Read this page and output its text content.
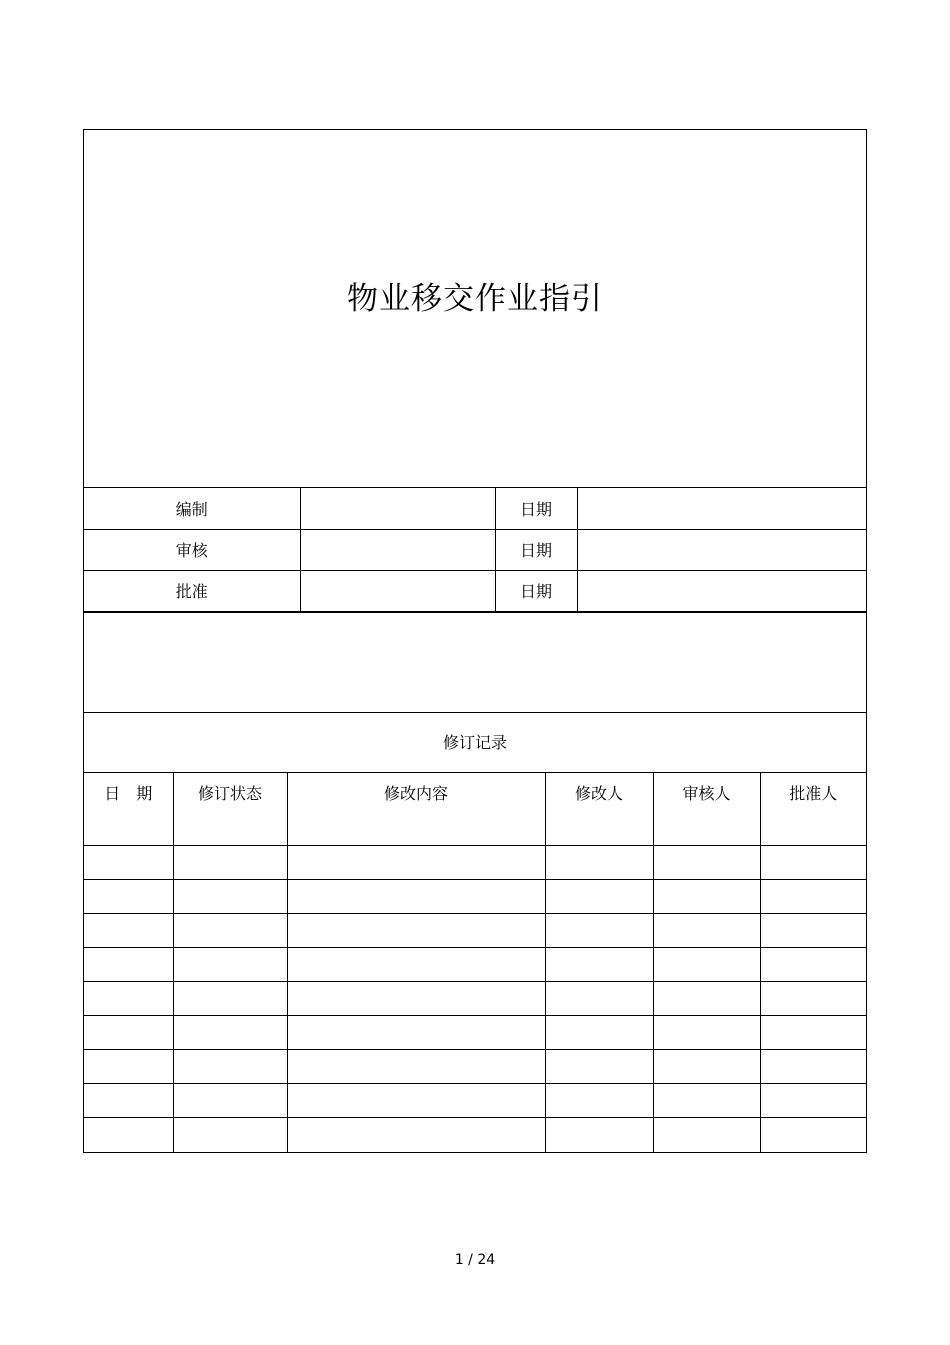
物业移交作业指引
编制		日期	
审核		日期	
批准		日期	
修订记录
日　期	修订状态	修改内容	修改人	审核人	批准人

1 / 24
